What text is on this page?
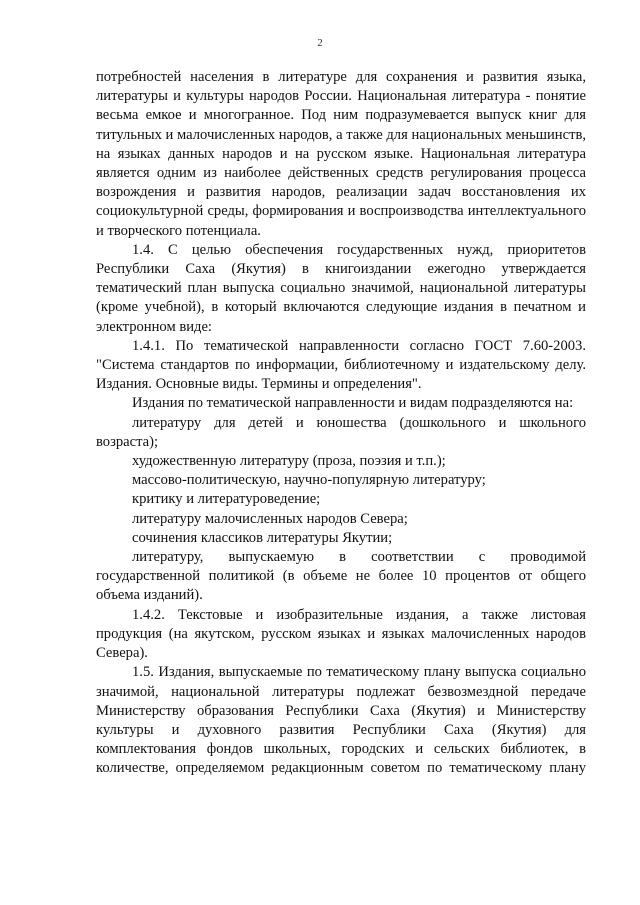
2

потребностей населения в литературе для сохранения и развития языка, литературы и культуры народов России. Национальная литература - понятие весьма емкое и многогранное. Под ним подразумевается выпуск книг для титульных и малочисленных народов, а также для национальных меньшинств, на языках данных народов и на русском языке. Национальная литература является одним из наиболее действенных средств регулирования процесса возрождения и развития народов, реализации задач восстановления их социокультурной среды, формирования и воспроизводства интеллектуального и творческого потенциала.

1.4. С целью обеспечения государственных нужд, приоритетов Республики Саха (Якутия) в книгоиздании ежегодно утверждается тематический план выпуска социально значимой, национальной литературы (кроме учебной), в который включаются следующие издания в печатном и электронном виде:

1.4.1. По тематической направленности согласно ГОСТ 7.60-2003. "Система стандартов по информации, библиотечному и издательскому делу. Издания. Основные виды. Термины и определения".

Издания по тематической направленности и видам подразделяются на:

литературу для детей и юношества (дошкольного и школьного возраста);

художественную литературу (проза, поэзия и т.п.);

массово-политическую, научно-популярную литературу;

критику и литературоведение;

литературу малочисленных народов Севера;

сочинения классиков литературы Якутии;

литературу, выпускаемую в соответствии с проводимой государственной политикой (в объеме не более 10 процентов от общего объема изданий).

1.4.2. Текстовые и изобразительные издания, а также листовая продукция (на якутском, русском языках и языках малочисленных народов Севера).

1.5. Издания, выпускаемые по тематическому плану выпуска социально значимой, национальной литературы подлежат безвозмездной передаче Министерству образования Республики Саха (Якутия) и Министерству культуры и духовного развития Республики Саха (Якутия) для комплектования фондов школьных, городских и сельских библиотек, в количестве, определяемом редакционным советом по тематическому плану
